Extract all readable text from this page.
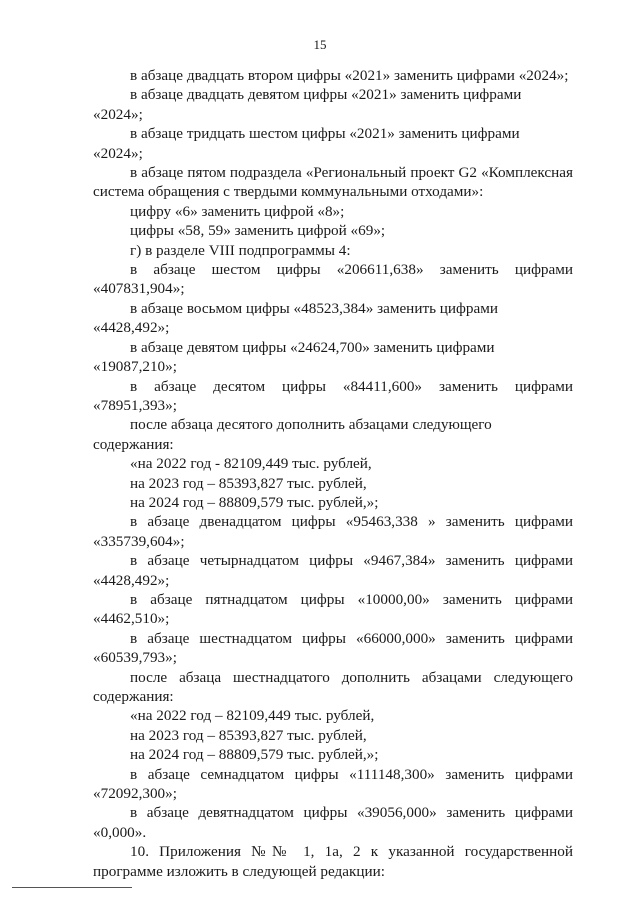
15

в абзаце двадцать втором цифры «2021» заменить цифрами «2024»;

в абзаце двадцать девятом цифры «2021» заменить цифрами «2024»;

в абзаце тридцать шестом цифры «2021» заменить цифрами «2024»;

в абзаце пятом подраздела «Региональный проект G2 «Комплексная система обращения с твердыми коммунальными отходами»:

цифру «6» заменить цифрой «8»;

цифры «58, 59» заменить цифрой «69»;

г) в разделе VIII подпрограммы 4:

в абзаце шестом цифры «206611,638» заменить цифрами «407831,904»;

в абзаце восьмом цифры «48523,384» заменить цифрами «4428,492»;

в абзаце девятом цифры «24624,700» заменить цифрами «19087,210»;

в абзаце десятом цифры «84411,600» заменить цифрами «78951,393»;

после абзаца десятого дополнить абзацами следующего содержания:

«на 2022 год - 82109,449 тыс. рублей,

на 2023 год – 85393,827 тыс. рублей,

на 2024 год – 88809,579 тыс. рублей,»;

в абзаце двенадцатом цифры «95463,338 » заменить цифрами «335739,604»;

в абзаце четырнадцатом цифры «9467,384» заменить цифрами «4428,492»;

в абзаце пятнадцатом цифры «10000,00» заменить цифрами «4462,510»;

в абзаце шестнадцатом цифры «66000,000» заменить цифрами «60539,793»;

после абзаца шестнадцатого дополнить абзацами следующего содержания:

«на 2022 год – 82109,449 тыс. рублей,

на 2023 год – 85393,827 тыс. рублей,

на 2024 год – 88809,579 тыс. рублей,»;

в абзаце семнадцатом цифры «111148,300» заменить цифрами «72092,300»;

в абзаце девятнадцатом цифры «39056,000» заменить цифрами «0,000».

10. Приложения №№ 1, 1а, 2 к указанной государственной программе изложить в следующей редакции:
